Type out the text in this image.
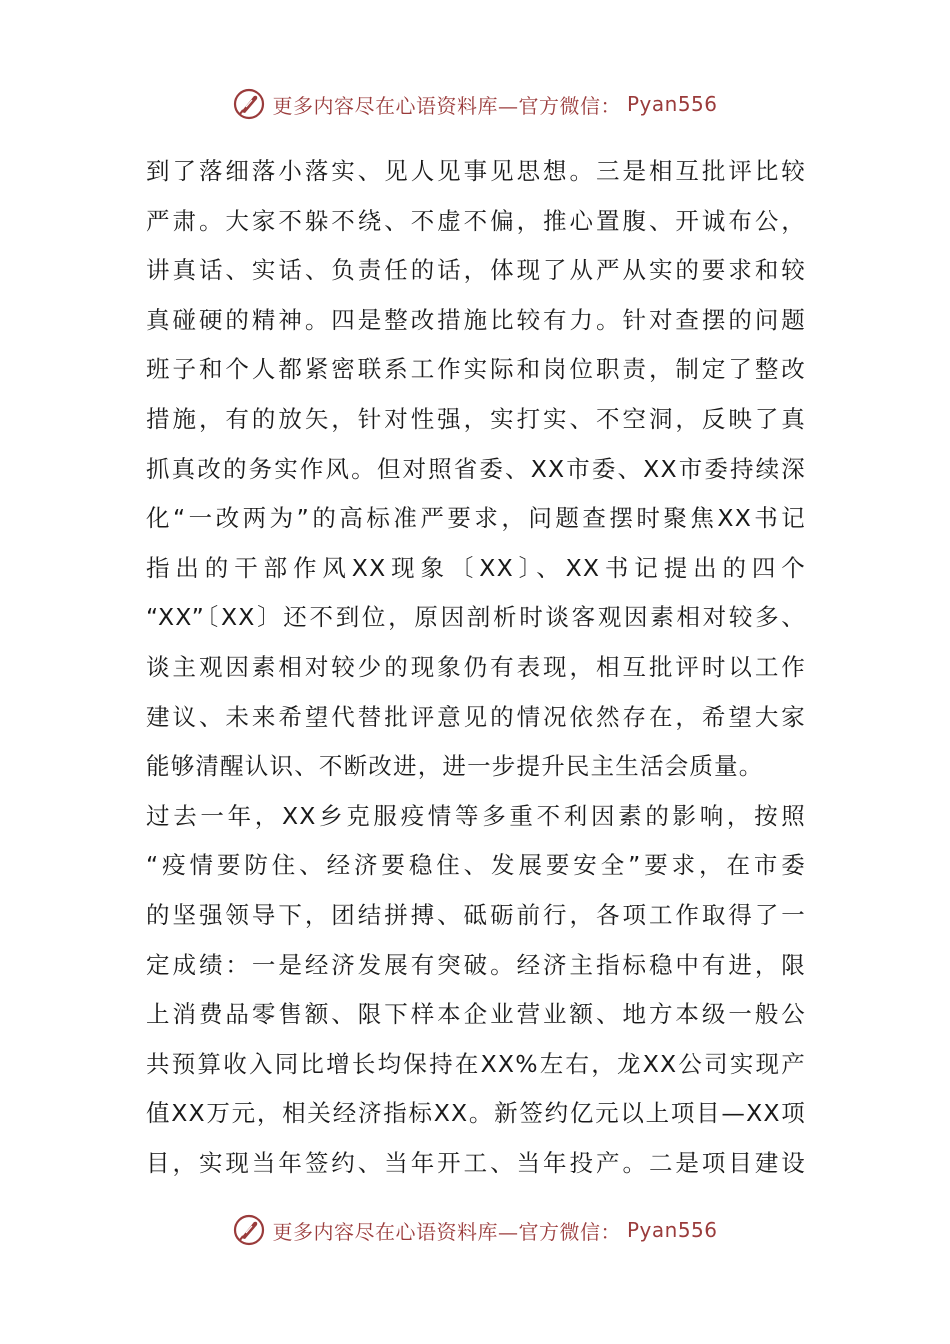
更多内容尽在心语资料库—官方微信： Pyan556
到了落细落小落实、见人见事见思想。三是相互批评比较
严肃。大家不躲不绕、不虚不偏，推心置腹、开诚布公，
讲真话、实话、负责任的话，体现了从严从实的要求和较
真碰硬的精神。四是整改措施比较有力。针对查摆的问题
班子和个人都紧密联系工作实际和岗位职责，制定了整改
措施，有的放矢，针对性强，实打实、不空洞，反映了真
抓真改的务实作风。但对照省委、XX市委、XX市委持续深
化“一改两为”的高标准严要求，问题查摆时聚焦XX书记
指出的干部作风XX现象〔XX〕、XX书记提出的四个
“XX”〔XX〕还不到位，原因剖析时谈客观因素相对较多、
谈主观因素相对较少的现象仍有表现，相互批评时以工作
建议、未来希望代替批评意见的情况依然存在，希望大家
能够清醒认识、不断改进，进一步提升民主生活会质量。
过去一年，XX乡克服疫情等多重不利因素的影响，按照
“疫情要防住、经济要稳住、发展要安全”要求，在市委
的坚强领导下，团结拼搏、砥砺前行，各项工作取得了一
定成绩：一是经济发展有突破。经济主指标稳中有进，限
上消费品零售额、限下样本企业营业额、地方本级一般公
共预算收入同比增长均保持在XX%左右，龙XX公司实现产
值XX万元，相关经济指标XX。新签约亿元以上项目—XX项
目，实现当年签约、当年开工、当年投产。二是项目建设
更多内容尽在心语资料库—官方微信： Pyan556
